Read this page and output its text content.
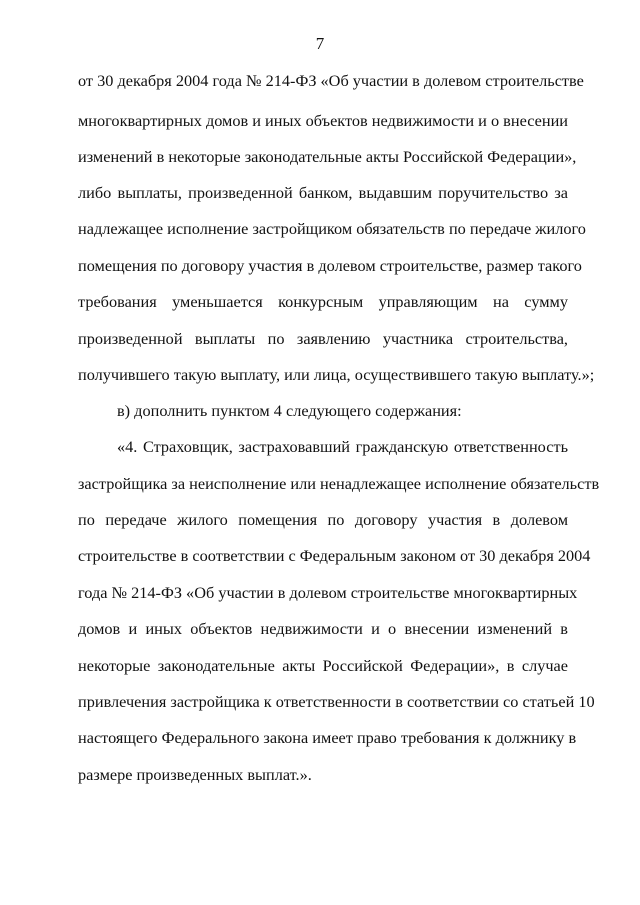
7
от 30 декабря 2004 года № 214-ФЗ «Об участии в долевом строительстве
многоквартирных домов и иных объектов недвижимости и о внесении
изменений в некоторые законодательные акты Российской Федерации»,
либо выплаты, произведенной банком, выдавшим поручительство за
надлежащее исполнение застройщиком обязательств по передаче жилого
помещения по договору участия в долевом строительстве, размер такого
требования уменьшается конкурсным управляющим на сумму
произведенной выплаты по заявлению участника строительства,
получившего такую выплату, или лица, осуществившего такую выплату.»;
в) дополнить пунктом 4 следующего содержания:
«4. Страховщик, застраховавший гражданскую ответственность
застройщика за неисполнение или ненадлежащее исполнение обязательств
по передаче жилого помещения по договору участия в долевом
строительстве в соответствии с Федеральным законом от 30 декабря 2004
года № 214-ФЗ «Об участии в долевом строительстве многоквартирных
домов и иных объектов недвижимости и о внесении изменений в
некоторые законодательные акты Российской Федерации», в случае
привлечения застройщика к ответственности в соответствии со статьей 10
настоящего Федерального закона имеет право требования к должнику в
размере произведенных выплат.».
